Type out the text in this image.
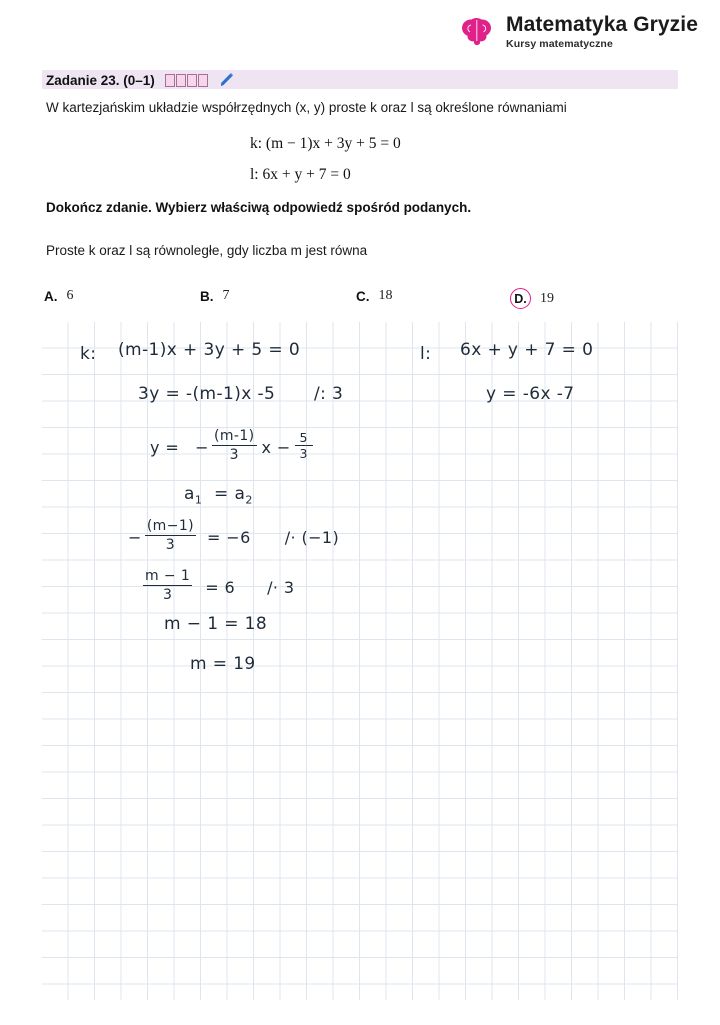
Matematyka Gryzie
Kursy matematyczne
Zadanie 23. (0–1)
W kartezjańskim układzie współrzędnych (x, y) proste k oraz l są określone równaniami
k: (m − 1)x + 3y + 5 = 0
l: 6x + y + 7 = 0
Dokończ zdanie. Wybierz właściwą odpowiedź spośród podanych.
Proste k oraz l są równoległe, gdy liczba m jest równa
A. 6	B. 7	C. 18	D. 19
k: (m-1)x + 3y + 5 = 0	l: 6x + y + 7 = 0
3y = -(m-1)x -5 /: 3	y = -6x -7
y = − $\frac{(m-1)}{3}$ $x - \frac{5}{3}$
$a_1 = a_2$
− $\frac{(m-1)}{3} = -6 /\cdot (-1)$
$\frac{m - 1}{3} = 6 /\cdot 3$
m − 1 = 18
m = 19
